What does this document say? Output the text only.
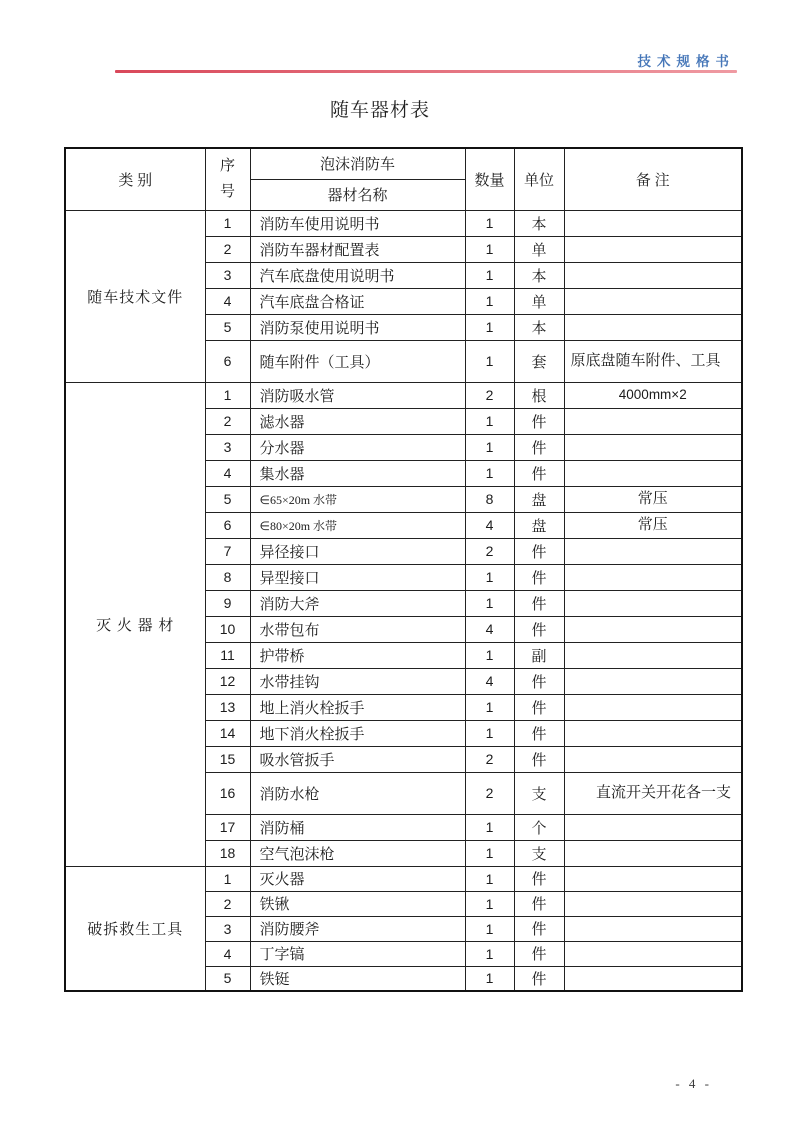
技术规格书
随车器材表
类 别	序号	泡沫消防车	数量	单位	备 注
		器材名称			
随车技术文件	1	消防车使用说明书	1	本	
	2	消防车器材配置表	1	单	
	3	汽车底盘使用说明书	1	本	
	4	汽车底盘合格证	1	单	
	5	消防泵使用说明书	1	本	
	6	随车附件（工具）	1	套	原底盘随车附件、工具
灭 火 器 材	1	消防吸水管	2	根	4000mm×2
	2	滤水器	1	件	
	3	分水器	1	件	
	4	集水器	1	件	
	5	∈65×20m 水带	8	盘	常压
	6	∈80×20m 水带	4	盘	常压
	7	异径接口	2	件	
	8	异型接口	1	件	
	9	消防大斧	1	件	
	10	水带包布	4	件	
	11	护带桥	1	副	
	12	水带挂钩	4	件	
	13	地上消火栓扳手	1	件	
	14	地下消火栓扳手	1	件	
	15	吸水管扳手	2	件	
	16	消防水枪	2	支	直流开关开花各一支
	17	消防桶	1	个	
	18	空气泡沫枪	1	支	
破拆救生工具	1	灭火器	1	件	
	2	铁锹	1	件	
	3	消防腰斧	1	件	
	4	丁字镐	1	件	
	5	铁铤	1	件	
- 4 -
